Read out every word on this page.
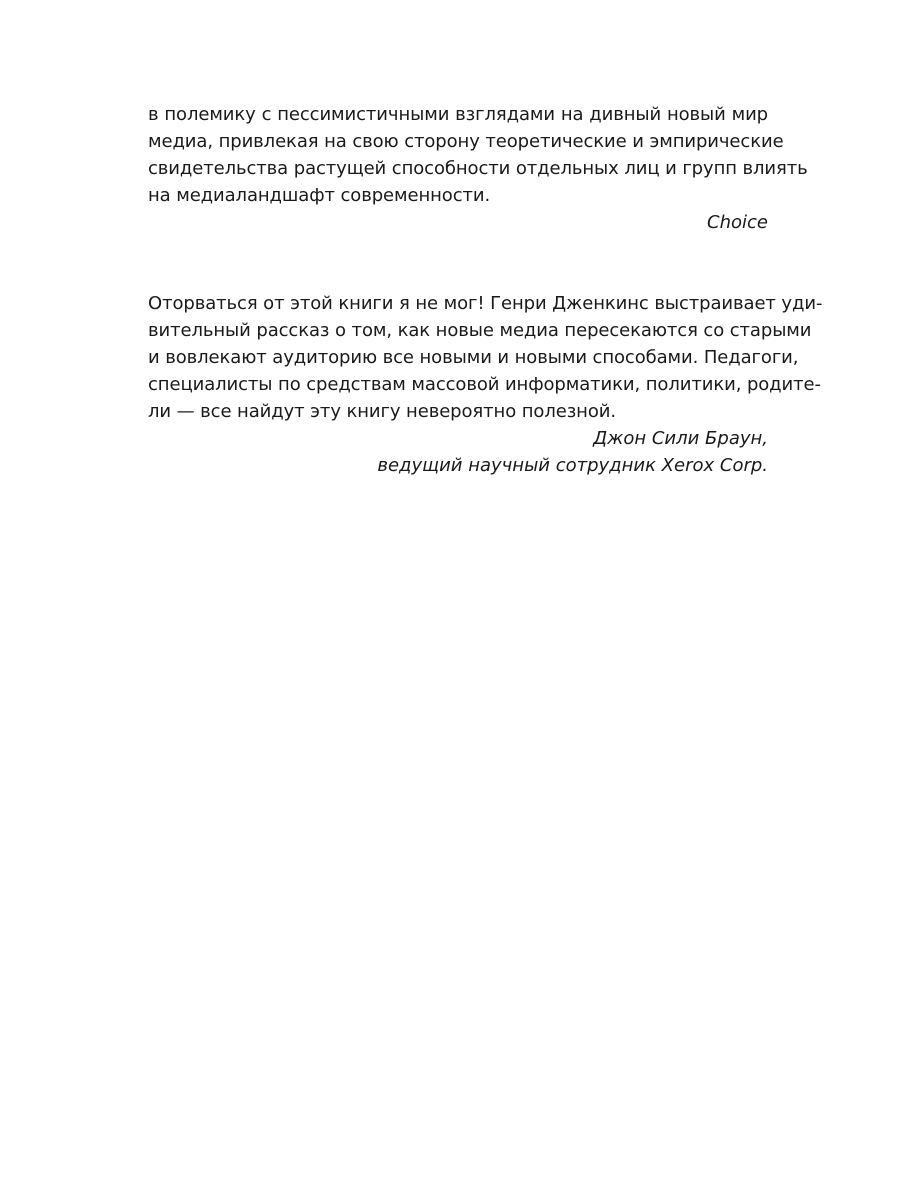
в полемику с пессимистичными взглядами на дивный новый мир
медиа, привлекая на свою сторону теоретические и эмпирические
свидетельства растущей способности отдельных лиц и групп влиять
на медиаландшафт современности.
Choice
Оторваться от этой книги я не мог! Генри Дженкинс выстраивает уди-
вительный рассказ о том, как новые медиа пересекаются со старыми
и вовлекают аудиторию все новыми и новыми способами. Педагоги,
специалисты по средствам массовой информатики, политики, родите-
ли — все найдут эту книгу невероятно полезной.
Джон Сили Браун,
ведущий научный сотрудник Xerox Corp.
